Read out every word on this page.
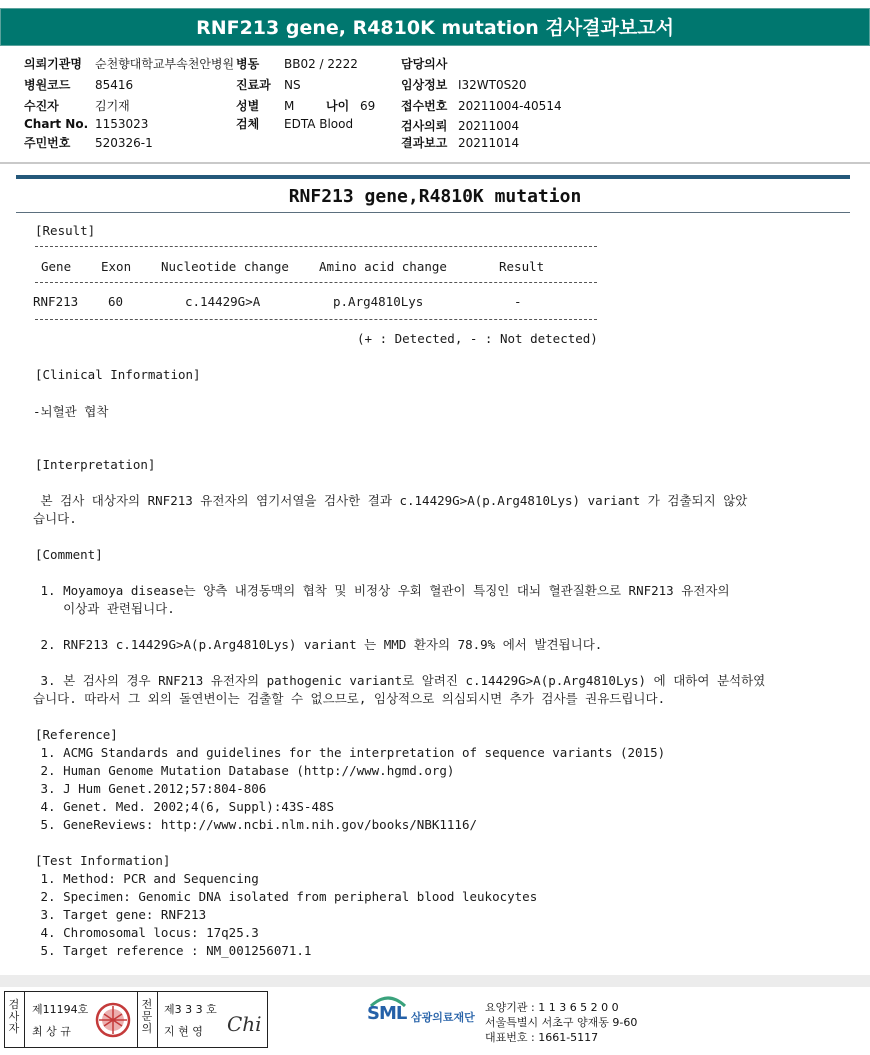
RNF213 gene, R4810K mutation 검사결과보고서
의뢰기관명 순천향대학교부속천안병원 병동 BB02 / 2222	담당의사
병원코드 85416	진료과 NS	임상정보 I32WT0S20
수진자	김기재	성별 M	나이 69 접수번호 20211004-40514
Chart No. 1153023	검체 EDTA Blood	검사의뢰 20211004
주민번호 520326-1	결과보고 20211014
RNF213 gene,R4810K mutation
[Result]
Gene Exon Nucleotide change Amino acid change	Result
RNF213 60	c.14429G>A	p.Arg4810Lys	-
(+ : Detected, - : Not detected)
[Clinical Information]
-뇌혈관 협착
[Interpretation]
본 검사 대상자의 RNF213 유전자의 염기서열을 검사한 결과 c.14429G>A(p.Arg4810Lys) variant 가 검출되지 않았
습니다.
[Comment]
1. Moyamoya disease는 양측 내경동맥의 협착 및 비정상 우회 혈관이 특징인 대뇌 혈관질환으로 RNF213 유전자의
이상과 관련됩니다.
2. RNF213 c.14429G>A(p.Arg4810Lys) variant 는 MMD 환자의 78.9% 에서 발견됩니다.
3. 본 검사의 경우 RNF213 유전자의 pathogenic variant로 알려진 c.14429G>A(p.Arg4810Lys) 에 대하여 분석하였
습니다. 따라서 그 외의 돌연변이는 검출할 수 없으므로, 임상적으로 의심되시면 추가 검사를 권유드립니다.
[Reference]
1. ACMG Standards and guidelines for the interpretation of sequence variants (2015)
2. Human Genome Mutation Database (http://www.hgmd.org)
3. J Hum Genet.2012;57:804-806
4. Genet. Med. 2002;4(6, Suppl):43S-48S
5. GeneReviews: http://www.ncbi.nlm.nih.gov/books/NBK1116/
[Test Information]
1. Method: PCR and Sequencing
2. Specimen: Genomic DNA isolated from peripheral blood leukocytes
3. Target gene: RNF213
4. Chromosomal locus: 17q25.3
5. Target reference : NM_001256071.1
검사자
제11194호
최 상 규
전문의
제3 3 3 호
지 현 영 Chi	SML 삼광의료재단
요양기관 : 1 1 3 6 5 2 0 0
서울특별시 서초구 양재동 9-60
대표번호 : 1661-5117
